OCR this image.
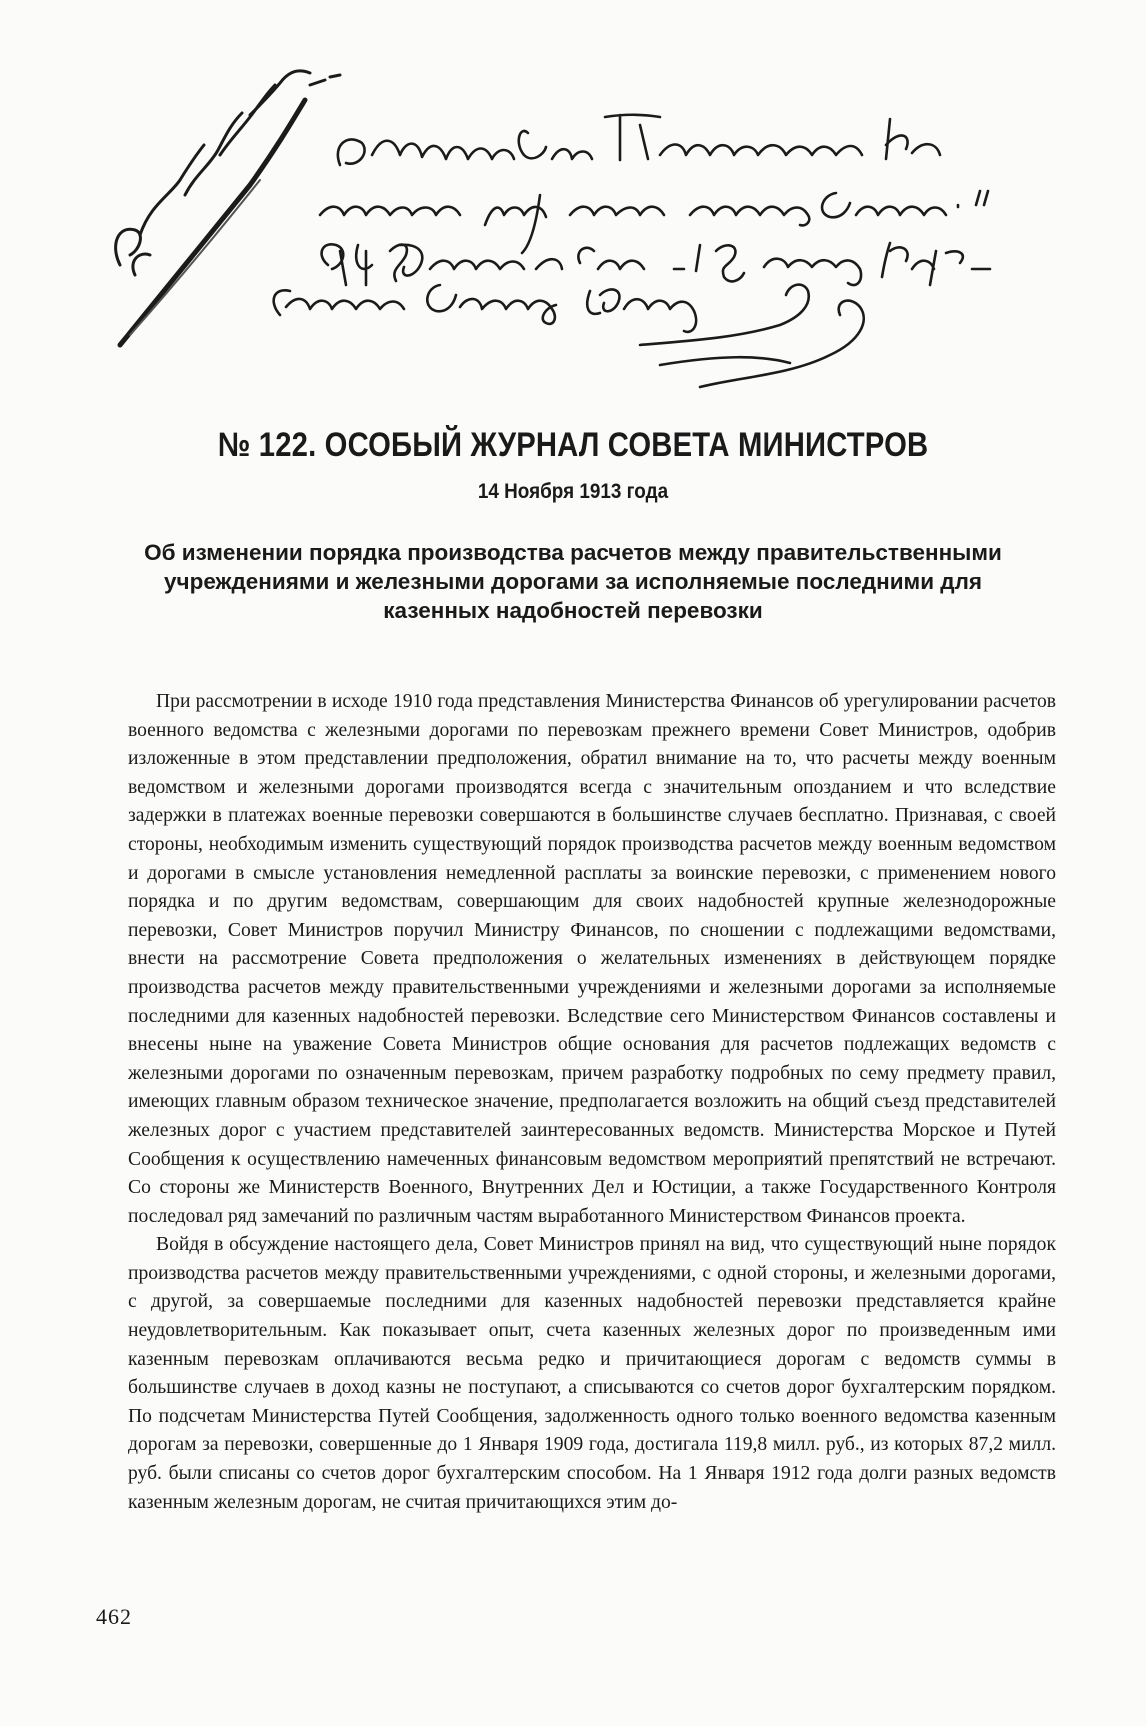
№ 122. ОСОБЫЙ ЖУРНАЛ СОВЕТА МИНИСТРОВ
14 Ноября 1913 года
Об изменении порядка производства расчетов между правительственными учреждениями и железными дорогами за исполняемые последними для казенных надобностей перевозки

При рассмотрении в исходе 1910 года представления Министерства Финансов об урегулировании расчетов военного ведомства с железными дорогами по перевозкам прежнего времени Совет Министров, одобрив изложенные в этом представлении предположения, обратил внимание на то, что расчеты между военным ведомством и железными дорогами производятся всегда с значительным опозданием и что вследствие задержки в платежах военные перевозки совершаются в большинстве случаев бесплатно. Признавая, с своей стороны, необходимым изменить существующий порядок производства расчетов между военным ведомством и дорогами в смысле установления немедленной расплаты за воинские перевозки, с применением нового порядка и по другим ведомствам, совершающим для своих надобностей крупные железнодорожные перевозки, Совет Министров поручил Министру Финансов, по сношении с подлежащими ведомствами, внести на рассмотрение Совета предположения о желательных изменениях в действующем порядке производства расчетов между правительственными учреждениями и железными дорогами за исполняемые последними для казенных надобностей перевозки. Вследствие сего Министерством Финансов составлены и внесены ныне на уважение Совета Министров общие основания для расчетов подлежащих ведомств с железными дорогами по означенным перевозкам, причем разработку подробных по сему предмету правил, имеющих главным образом техническое значение, предполагается возложить на общий съезд представителей железных дорог с участием представителей заинтересованных ведомств. Министерства Морское и Путей Сообщения к осуществлению намеченных финансовым ведомством мероприятий препятствий не встречают. Со стороны же Министерств Военного, Внутренних Дел и Юстиции, а также Государственного Контроля последовал ряд замечаний по различным частям выработанного Министерством Финансов проекта.

Войдя в обсуждение настоящего дела, Совет Министров принял на вид, что существующий ныне порядок производства расчетов между правительственными учреждениями, с одной стороны, и железными дорогами, с другой, за совершаемые последними для казенных надобностей перевозки представляется крайне неудовлетворительным. Как показывает опыт, счета казенных железных дорог по произведенным ими казенным перевозкам оплачиваются весьма редко и причитающиеся дорогам с ведомств суммы в большинстве случаев в доход казны не поступают, а списываются со счетов дорог бухгалтерским порядком. По подсчетам Министерства Путей Сообщения, задолженность одного только военного ведомства казенным дорогам за перевозки, совершенные до 1 Января 1909 года, достигала 119,8 милл. руб., из которых 87,2 милл. руб. были списаны со счетов дорог бухгалтерским способом. На 1 Января 1912 года долги разных ведомств казенным железным дорогам, не считая причитающихся этим до-

462
